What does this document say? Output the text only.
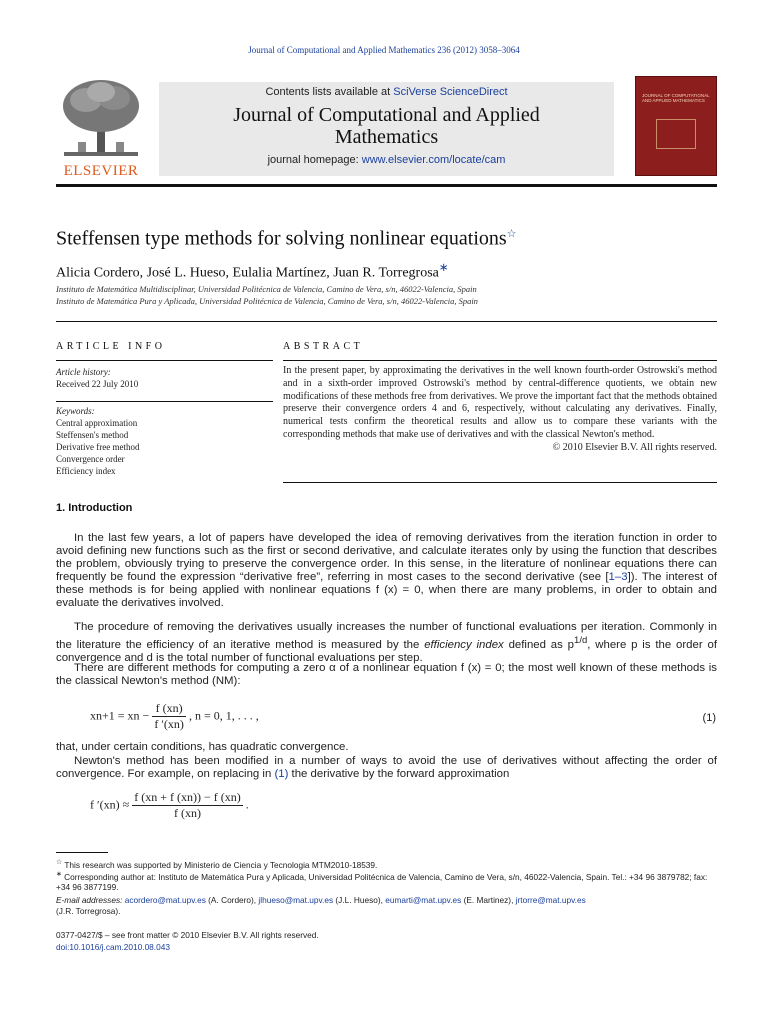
Journal of Computational and Applied Mathematics 236 (2012) 3058–3064
ELSEVIER
Contents lists available at SciVerse ScienceDirect
Journal of Computational and Applied
Mathematics
journal homepage: www.elsevier.com/locate/cam
JOURNAL OF COMPUTATIONAL AND APPLIED MATHEMATICS
Steffensen type methods for solving nonlinear equations☆
Alicia Cordero, José L. Hueso, Eulalia Martínez, Juan R. Torregrosa∗
Instituto de Matemática Multidisciplinar, Universidad Politécnica de Valencia, Camino de Vera, s/n, 46022-Valencia, Spain
Instituto de Matemática Pura y Aplicada, Universidad Politécnica de Valencia, Camino de Vera, s/n, 46022-Valencia, Spain
ARTICLE INFO	ABSTRACT
Article history:
Received 22 July 2010
Keywords:
Central approximation
Steffensen's method
Derivative free method
Convergence order
Efficiency index

In the present paper, by approximating the derivatives in the well known fourth-order Ostrowski's method and in a sixth-order improved Ostrowski's method by central-difference quotients, we obtain new modifications of these methods free from derivatives. We prove the important fact that the methods obtained preserve their convergence orders 4 and 6, respectively, without calculating any derivatives. Finally, numerical tests confirm the theoretical results and allow us to compare these variants with the corresponding methods that make use of derivatives and with the classical Newton's method.

© 2010 Elsevier B.V. All rights reserved.

1. Introduction
In the last few years, a lot of papers have developed the idea of removing derivatives from the iteration function in order to avoid defining new functions such as the first or second derivative, and calculate iterates only by using the function that describes the problem, obviously trying to preserve the convergence order. In this sense, in the literature of nonlinear equations there can frequently be found the expression “derivative free”, referring in most cases to the second derivative (see [1–3]). The interest of these methods is for being applied with nonlinear equations f (x) = 0, when there are many problems, in order to obtain and evaluate the derivatives involved.
The procedure of removing the derivatives usually increases the number of functional evaluations per iteration. Commonly in the literature the efficiency of an iterative method is measured by the efficiency index defined as $p^{1/d}$, where p is the order of convergence and d is the total number of functional evaluations per step.
There are different methods for computing a zero α of a nonlinear equation f (x) = 0; the most well known of these methods is the classical Newton's method (NM):
xn+1 = xn − $\frac{f (xn)}{f '(xn)}$ , n = 0, 1, . . . ,	(1)
that, under certain conditions, has quadratic convergence.
Newton's method has been modified in a number of ways to avoid the use of derivatives without affecting the order of convergence. For example, on replacing in (1) the derivative by the forward approximation
f $'(xn) \approx \frac{f (xn + f (xn)) - f (xn)}{f (xn)}$ .
☆ This research was supported by Ministerio de Ciencia y Tecnologia MTM2010-18539.
∗ Corresponding author at: Instituto de Matemática Pura y Aplicada, Universidad Politécnica de Valencia, Camino de Vera, s/n, 46022-Valencia, Spain. Tel.: +34 96 3879782; fax: +34 96 3877199.
E-mail addresses: acordero@mat.upv.es (A. Cordero), jlhueso@mat.upv.es (J.L. Hueso), eumarti@mat.upv.es (E. Martinez), jrtorre@mat.upv.es
(J.R. Torregrosa).
0377-0427/$ – see front matter © 2010 Elsevier B.V. All rights reserved.
doi:10.1016/j.cam.2010.08.043
